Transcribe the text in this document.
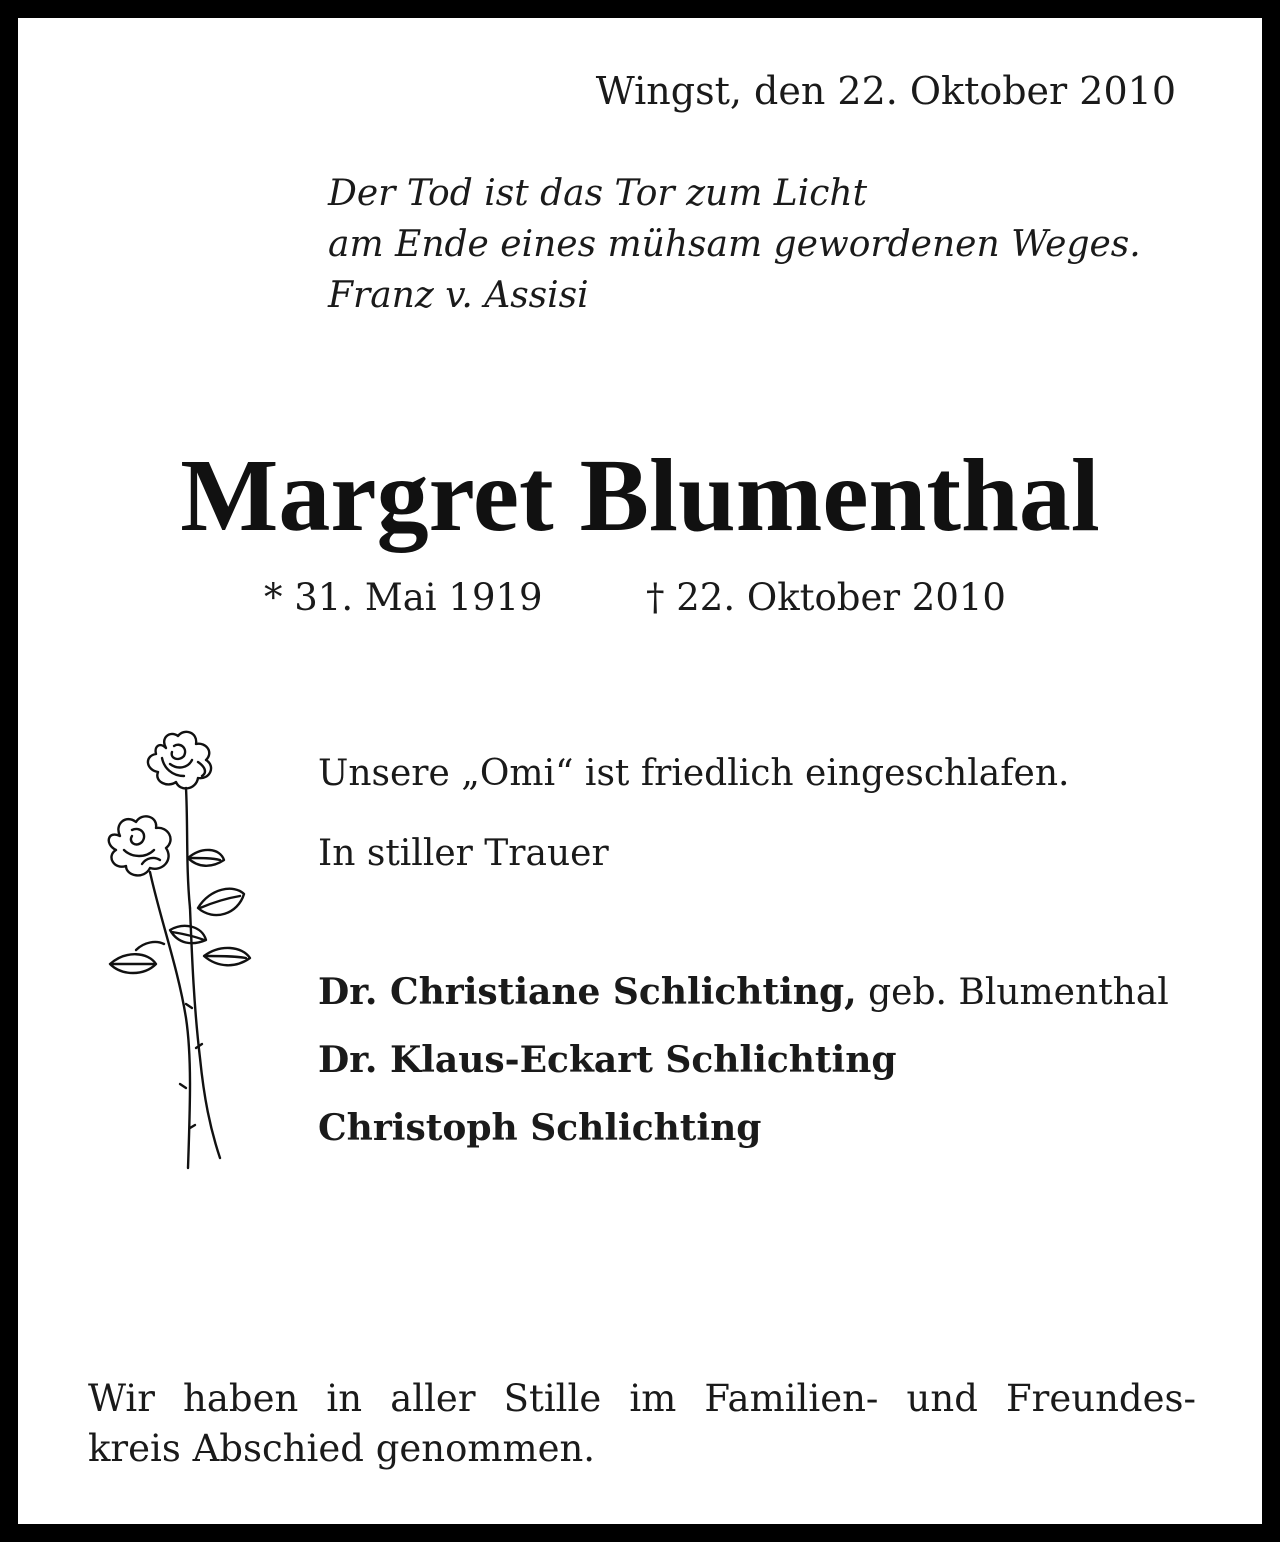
Wingst, den 22. Oktober 2010
Der Tod ist das Tor zum Licht
am Ende eines mühsam gewordenen Weges.
Franz v. Assisi
Margret Blumenthal
* 31. Mai 1919	† 22. Oktober 2010
Unsere „Omi“ ist friedlich eingeschlafen.
In stiller Trauer
Dr. Christiane Schlichting, geb. Blumenthal
Dr. Klaus-Eckart Schlichting
Christoph Schlichting
Wir haben in aller Stille im Familien- und Freundes-
kreis Abschied genommen.
